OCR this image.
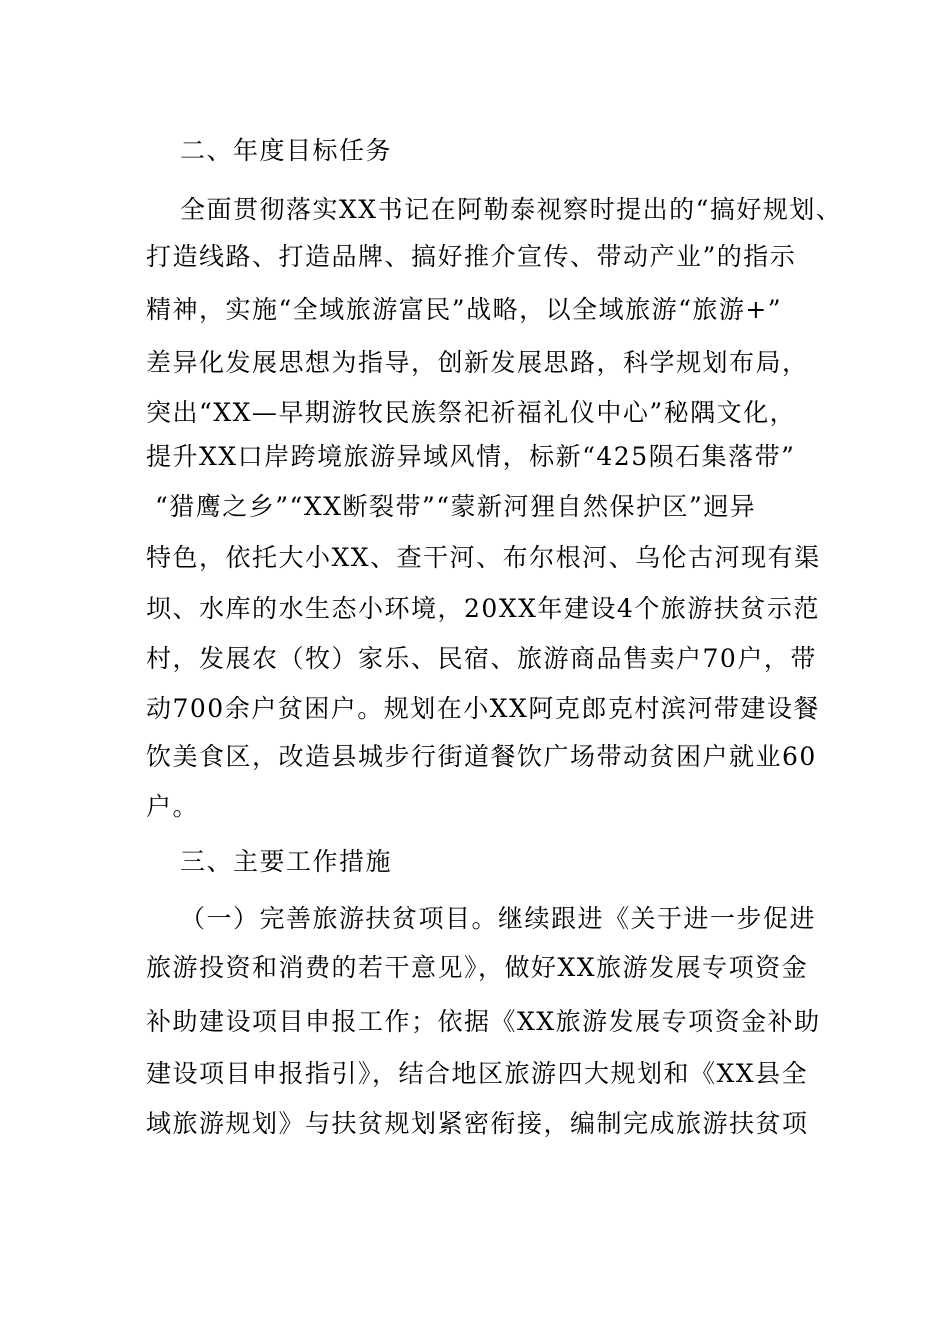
二、年度目标任务
全面贯彻落实XX书记在阿勒泰视察时提出的“搞好规划、
打造线路、打造品牌、搞好推介宣传、带动产业”的指示
精神，实施“全域旅游富民”战略，以全域旅游“旅游+”
差异化发展思想为指导，创新发展思路，科学规划布局，
突出“XX—早期游牧民族祭祀祈福礼仪中心”秘隅文化，
提升XX口岸跨境旅游异域风情，标新“425陨石集落带”
“猎鹰之乡”“XX断裂带”“蒙新河狸自然保护区”迥异
特色，依托大小XX、查干河、布尔根河、乌伦古河现有渠
坝、水库的水生态小环境，20XX年建设4个旅游扶贫示范
村，发展农（牧）家乐、民宿、旅游商品售卖户70户，带
动700余户贫困户。规划在小XX阿克郎克村滨河带建设餐
饮美食区，改造县城步行街道餐饮广场带动贫困户就业60
户。
三、主要工作措施
（一）完善旅游扶贫项目。继续跟进《关于进一步促进
旅游投资和消费的若干意见》，做好XX旅游发展专项资金
补助建设项目申报工作；依据《XX旅游发展专项资金补助
建设项目申报指引》，结合地区旅游四大规划和《XX县全
域旅游规划》与扶贫规划紧密衔接，编制完成旅游扶贫项
